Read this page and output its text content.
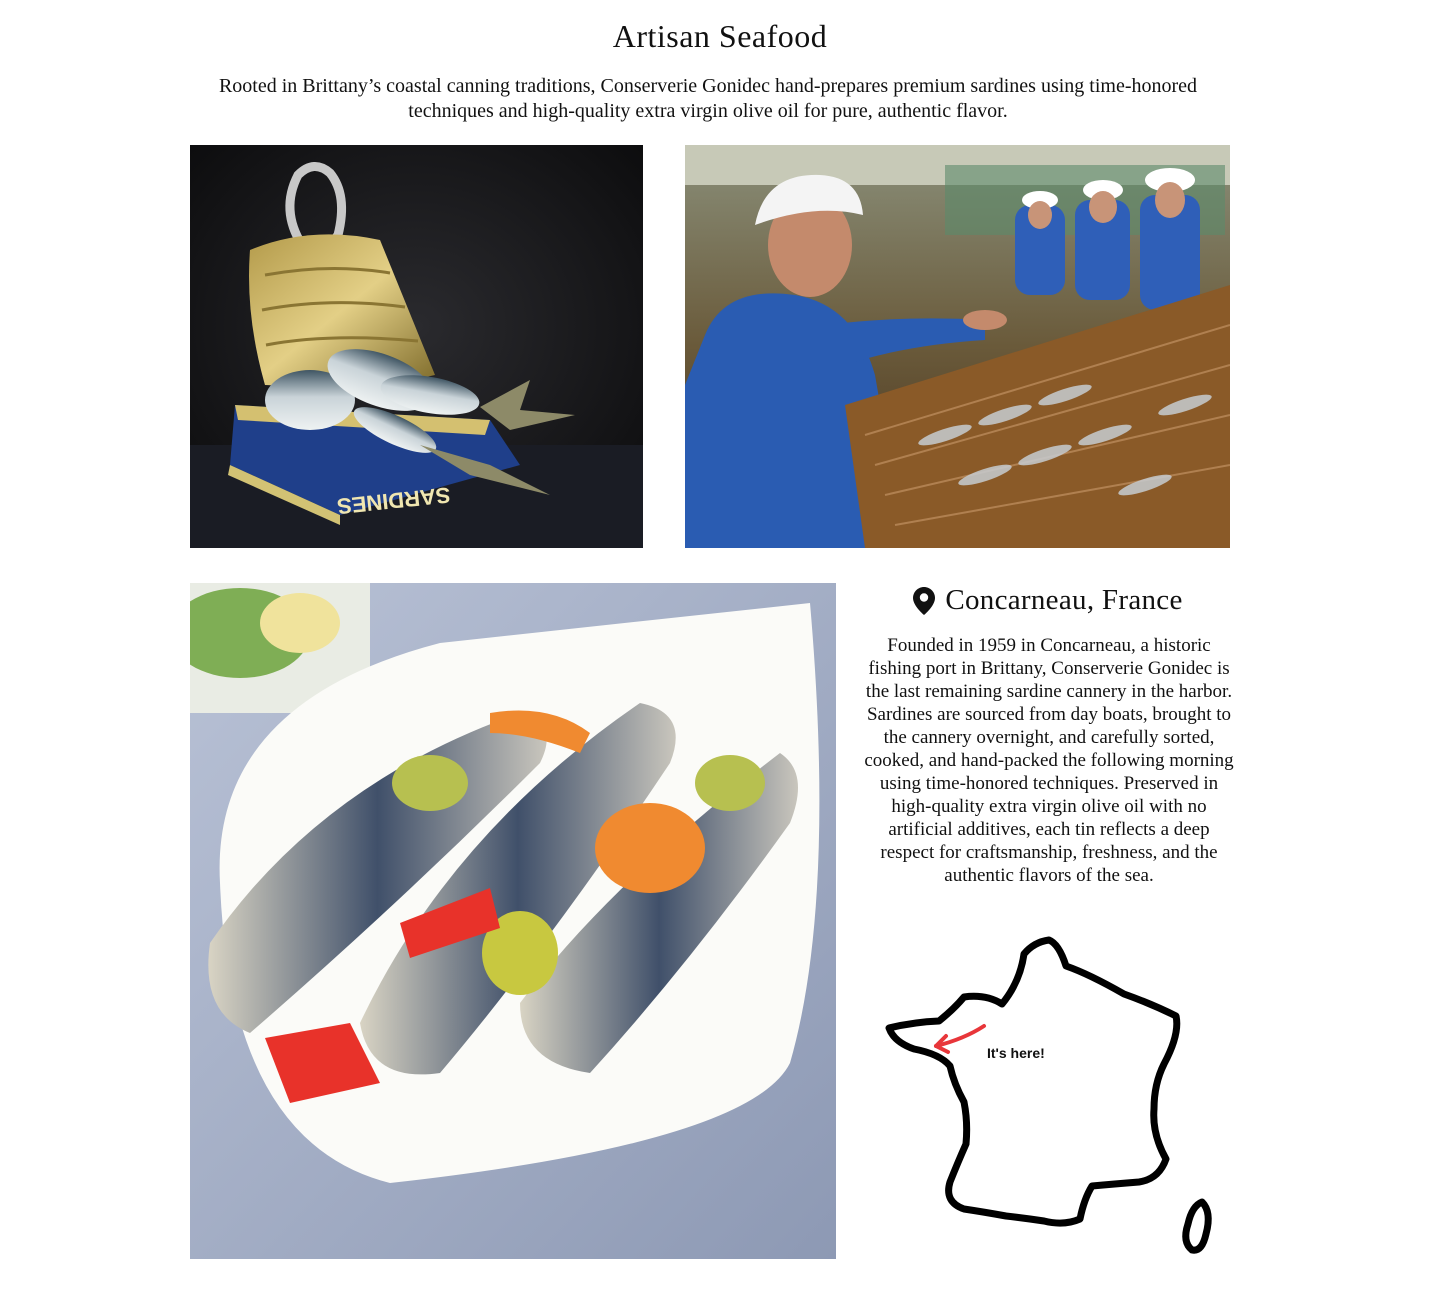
Artisan Seafood

Rooted in Brittany’s coastal canning traditions, Conserverie Gonidec hand-prepares premium sardines using time-honored techniques and high-quality extra virgin olive oil for pure, authentic flavor.

SARDINES
Concarneau, France

Founded in 1959 in Concarneau, a historic fishing port in Brittany, Conserverie Gonidec is the last remaining sardine cannery in the harbor. Sardines are sourced from day boats, brought to the cannery overnight, and carefully sorted, cooked, and hand-packed the following morning using time-honored techniques. Preserved in high-quality extra virgin olive oil with no artificial additives, each tin reflects a deep respect for craftsmanship, freshness, and the authentic flavors of the sea.

It's here!
